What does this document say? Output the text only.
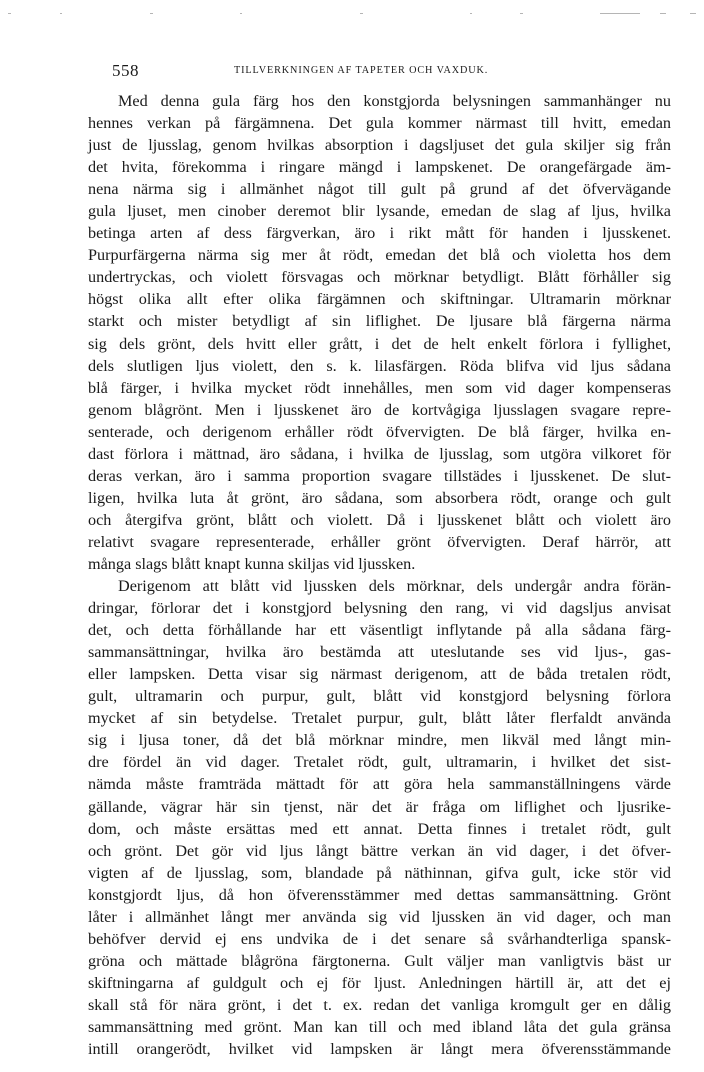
558	TILLVERKNINGEN AF TAPETER OCH VAXDUK.
Med denna gula färg hos den konstgjorda belysningen sammanhänger nu
hennes verkan på färgämnena. Det gula kommer närmast till hvitt, emedan
just de ljusslag, genom hvilkas absorption i dagsljuset det gula skiljer sig från
det hvita, förekomma i ringare mängd i lampskenet. De orangefärgade äm-
nena närma sig i allmänhet något till gult på grund af det öfvervägande
gula ljuset, men cinober deremot blir lysande, emedan de slag af ljus, hvilka
betinga arten af dess färgverkan, äro i rikt mått för handen i ljusskenet.
Purpurfärgerna närma sig mer åt rödt, emedan det blå och violetta hos dem
undertryckas, och violett försvagas och mörknar betydligt. Blått förhåller sig
högst olika allt efter olika färgämnen och skiftningar. Ultramarin mörknar
starkt och mister betydligt af sin liflighet. De ljusare blå färgerna närma
sig dels grönt, dels hvitt eller grått, i det de helt enkelt förlora i fyllighet,
dels slutligen ljus violett, den s. k. lilasfärgen. Röda blifva vid ljus sådana
blå färger, i hvilka mycket rödt innehålles, men som vid dager kompenseras
genom blågrönt. Men i ljusskenet äro de kortvågiga ljusslagen svagare repre-
senterade, och derigenom erhåller rödt öfvervigten. De blå färger, hvilka en-
dast förlora i mättnad, äro sådana, i hvilka de ljusslag, som utgöra vilkoret för
deras verkan, äro i samma proportion svagare tillstädes i ljusskenet. De slut-
ligen, hvilka luta åt grönt, äro sådana, som absorbera rödt, orange och gult
och återgifva grönt, blått och violett. Då i ljusskenet blått och violett äro
relativt svagare representerade, erhåller grönt öfvervigten. Deraf härrör, att
många slags blått knapt kunna skiljas vid ljussken.
Derigenom att blått vid ljussken dels mörknar, dels undergår andra förän-
dringar, förlorar det i konstgjord belysning den rang, vi vid dagsljus anvisat
det, och detta förhållande har ett väsentligt inflytande på alla sådana färg-
sammansättningar, hvilka äro bestämda att uteslutande ses vid ljus-, gas-
eller lampsken. Detta visar sig närmast derigenom, att de båda tretalen rödt,
gult, ultramarin och purpur, gult, blått vid konstgjord belysning förlora
mycket af sin betydelse. Tretalet purpur, gult, blått låter flerfaldt använda
sig i ljusa toner, då det blå mörknar mindre, men likväl med långt min-
dre fördel än vid dager. Tretalet rödt, gult, ultramarin, i hvilket det sist-
nämda måste framträda mättadt för att göra hela sammanställningens värde
gällande, vägrar här sin tjenst, när det är fråga om liflighet och ljusrike-
dom, och måste ersättas med ett annat. Detta finnes i tretalet rödt, gult
och grönt. Det gör vid ljus långt bättre verkan än vid dager, i det öfver-
vigten af de ljusslag, som, blandade på näthinnan, gifva gult, icke stör vid
konstgjordt ljus, då hon öfverensstämmer med dettas sammansättning. Grönt
låter i allmänhet långt mer använda sig vid ljussken än vid dager, och man
behöfver dervid ej ens undvika de i det senare så svårhandterliga spansk-
gröna och mättade blågröna färgtonerna. Gult väljer man vanligtvis bäst ur
skiftningarna af guldgult och ej för ljust. Anledningen härtill är, att det ej
skall stå för nära grönt, i det t. ex. redan det vanliga kromgult ger en dålig
sammansättning med grönt. Man kan till och med ibland låta det gula gränsa
intill orangerödt, hvilket vid lampsken är långt mera öfverensstämmande
